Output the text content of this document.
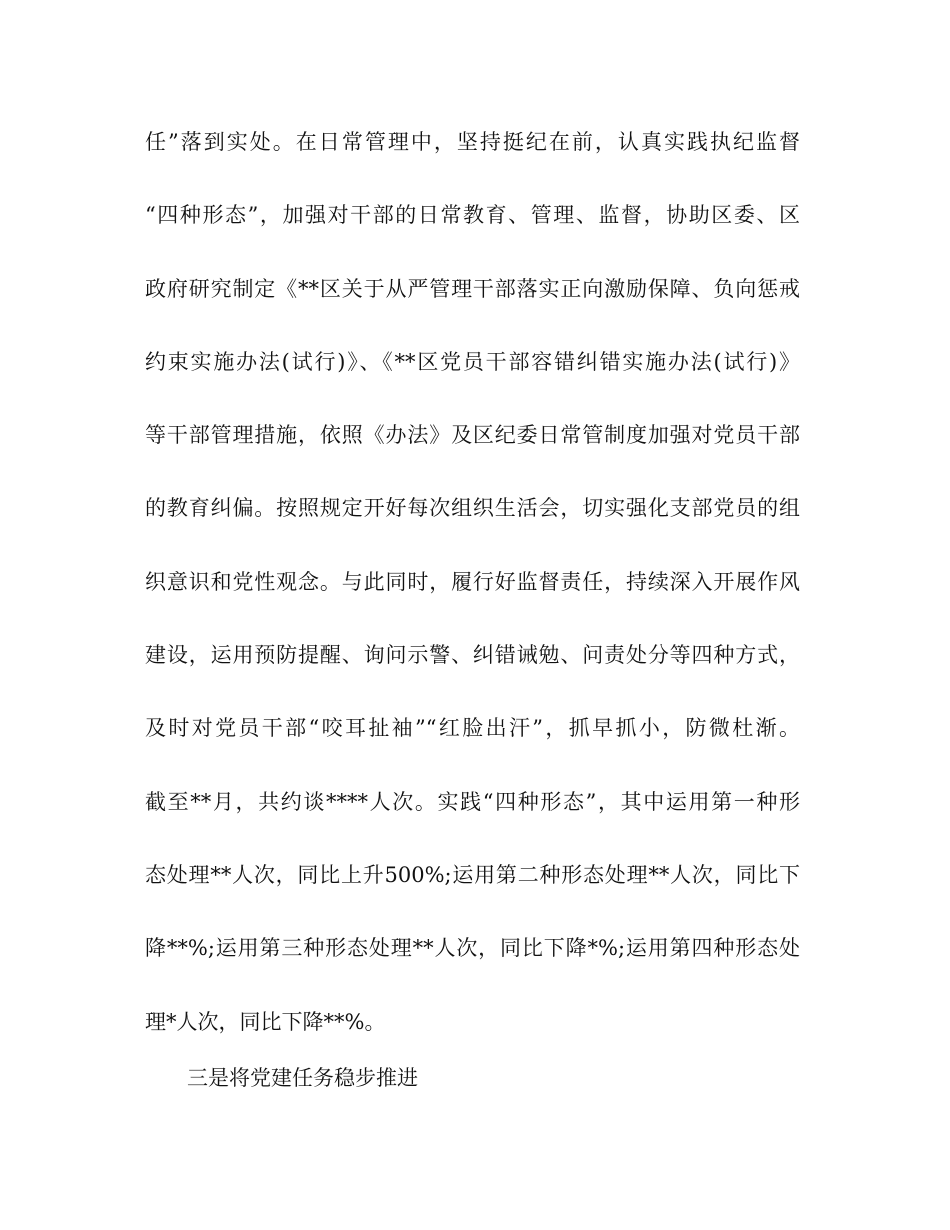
任”落到实处。在日常管理中，坚持挺纪在前，认真实践执纪监督
“四种形态”，加强对干部的日常教育、管理、监督，协助区委、区
政府研究制定《**区关于从严管理干部落实正向激励保障、负向惩戒
约束实施办法(试行)》、《**区党员干部容错纠错实施办法(试行)》
等干部管理措施，依照《办法》及区纪委日常管制度加强对党员干部
的教育纠偏。按照规定开好每次组织生活会，切实强化支部党员的组
织意识和党性观念。与此同时，履行好监督责任，持续深入开展作风
建设，运用预防提醒、询问示警、纠错诫勉、问责处分等四种方式，
及时对党员干部“咬耳扯袖”“红脸出汗”，抓早抓小，防微杜渐。
截至**月，共约谈****人次。实践“四种形态”，其中运用第一种形
态处理**人次，同比上升500%;运用第二种形态处理**人次，同比下
降**%;运用第三种形态处理**人次，同比下降*%;运用第四种形态处
理*人次，同比下降**%。
三是将党建任务稳步推进
